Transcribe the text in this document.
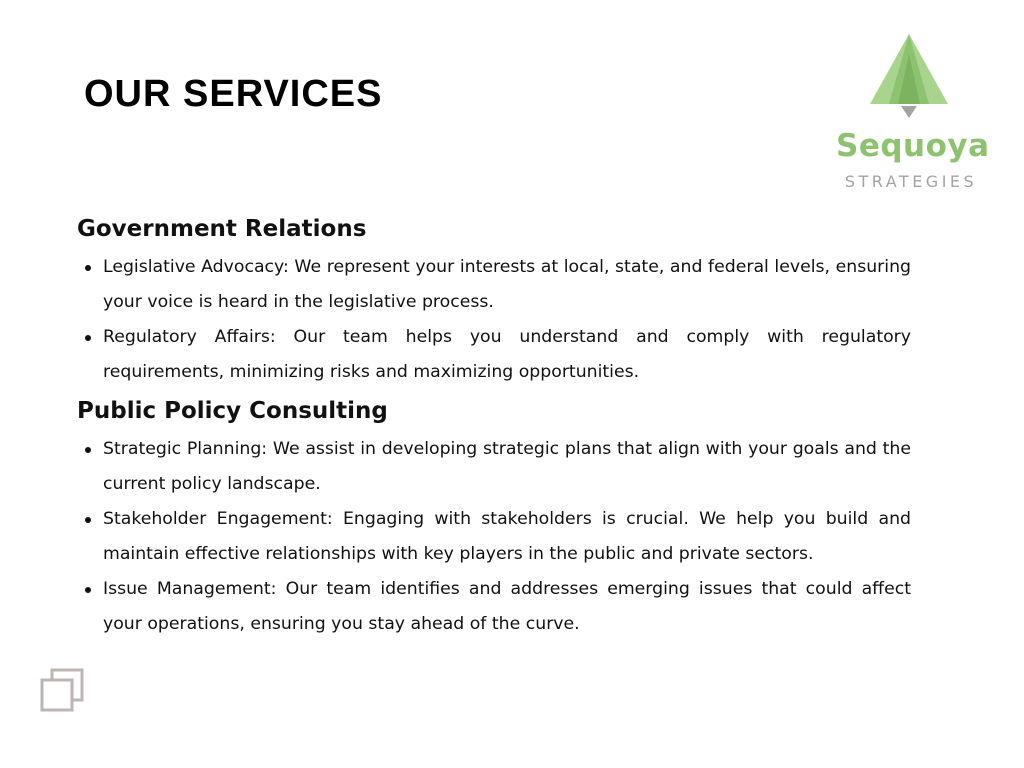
OUR SERVICES
Sequoya
STRATEGIES
Government Relations
Legislative Advocacy: We represent your interests at local, state, and federal levels, ensuring your voice is heard in the legislative process.
Regulatory Affairs: Our team helps you understand and comply with regulatory requirements, minimizing risks and maximizing opportunities.
Public Policy Consulting
Strategic Planning: We assist in developing strategic plans that align with your goals and the current policy landscape.
Stakeholder Engagement: Engaging with stakeholders is crucial. We help you build and maintain effective relationships with key players in the public and private sectors.
Issue Management: Our team identifies and addresses emerging issues that could affect your operations, ensuring you stay ahead of the curve.
